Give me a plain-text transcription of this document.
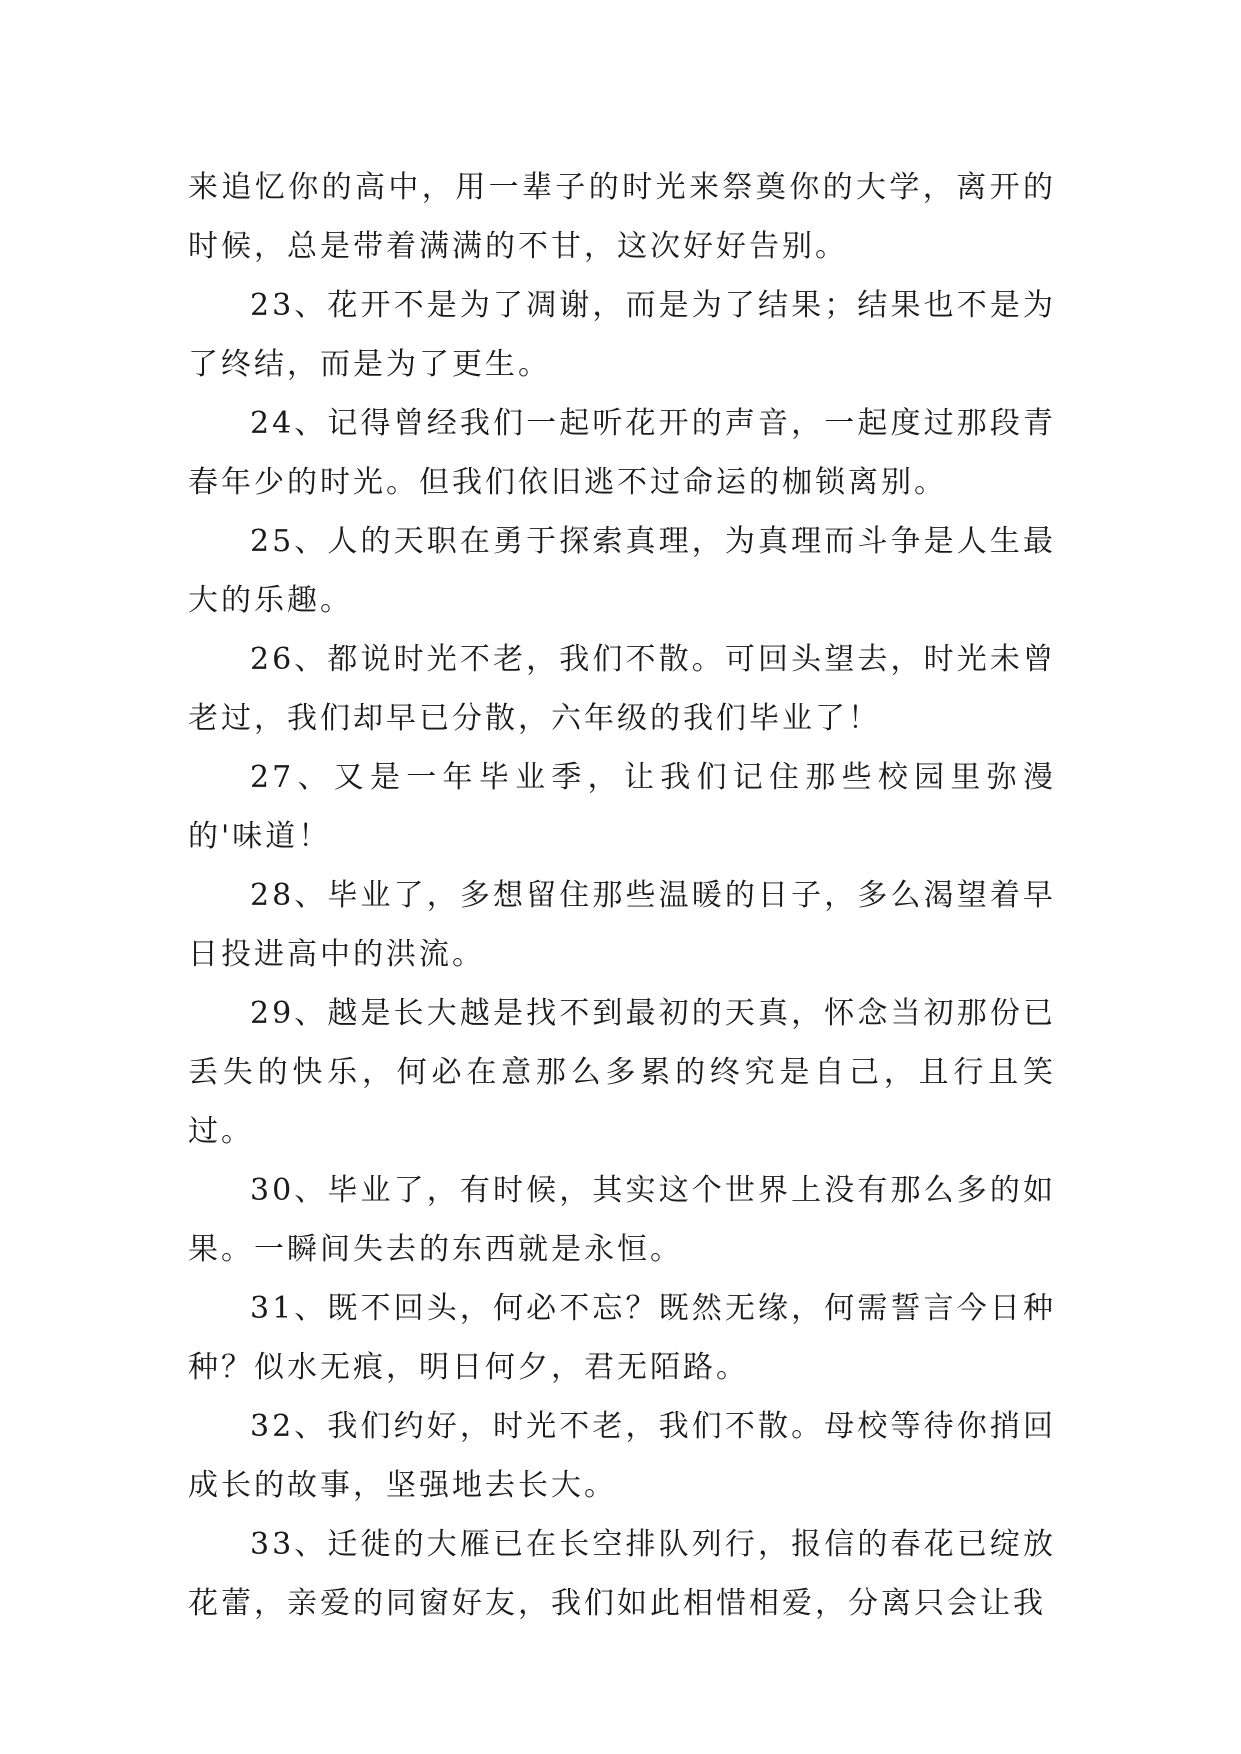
来追忆你的高中，用一辈子的时光来祭奠你的大学，离开的时候，总是带着满满的不甘，这次好好告别。

23、花开不是为了凋谢，而是为了结果；结果也不是为了终结，而是为了更生。

24、记得曾经我们一起听花开的声音，一起度过那段青春年少的时光。但我们依旧逃不过命运的枷锁离别。

25、人的天职在勇于探索真理，为真理而斗争是人生最大的乐趣。

26、都说时光不老，我们不散。可回头望去，时光未曾老过，我们却早已分散，六年级的我们毕业了！

27、又是一年毕业季，让我们记住那些校园里弥漫的'味道！

28、毕业了，多想留住那些温暖的日子，多么渴望着早日投进高中的洪流。

29、越是长大越是找不到最初的天真，怀念当初那份已丢失的快乐，何必在意那么多累的终究是自己，且行且笑过。

30、毕业了，有时候，其实这个世界上没有那么多的如果。一瞬间失去的东西就是永恒。

31、既不回头，何必不忘？既然无缘，何需誓言今日种种？似水无痕，明日何夕，君无陌路。

32、我们约好，时光不老，我们不散。母校等待你捎回成长的故事，坚强地去长大。

33、迁徙的大雁已在长空排队列行，报信的春花已绽放花蕾，亲爱的同窗好友，我们如此相惜相爱，分离只会让我
